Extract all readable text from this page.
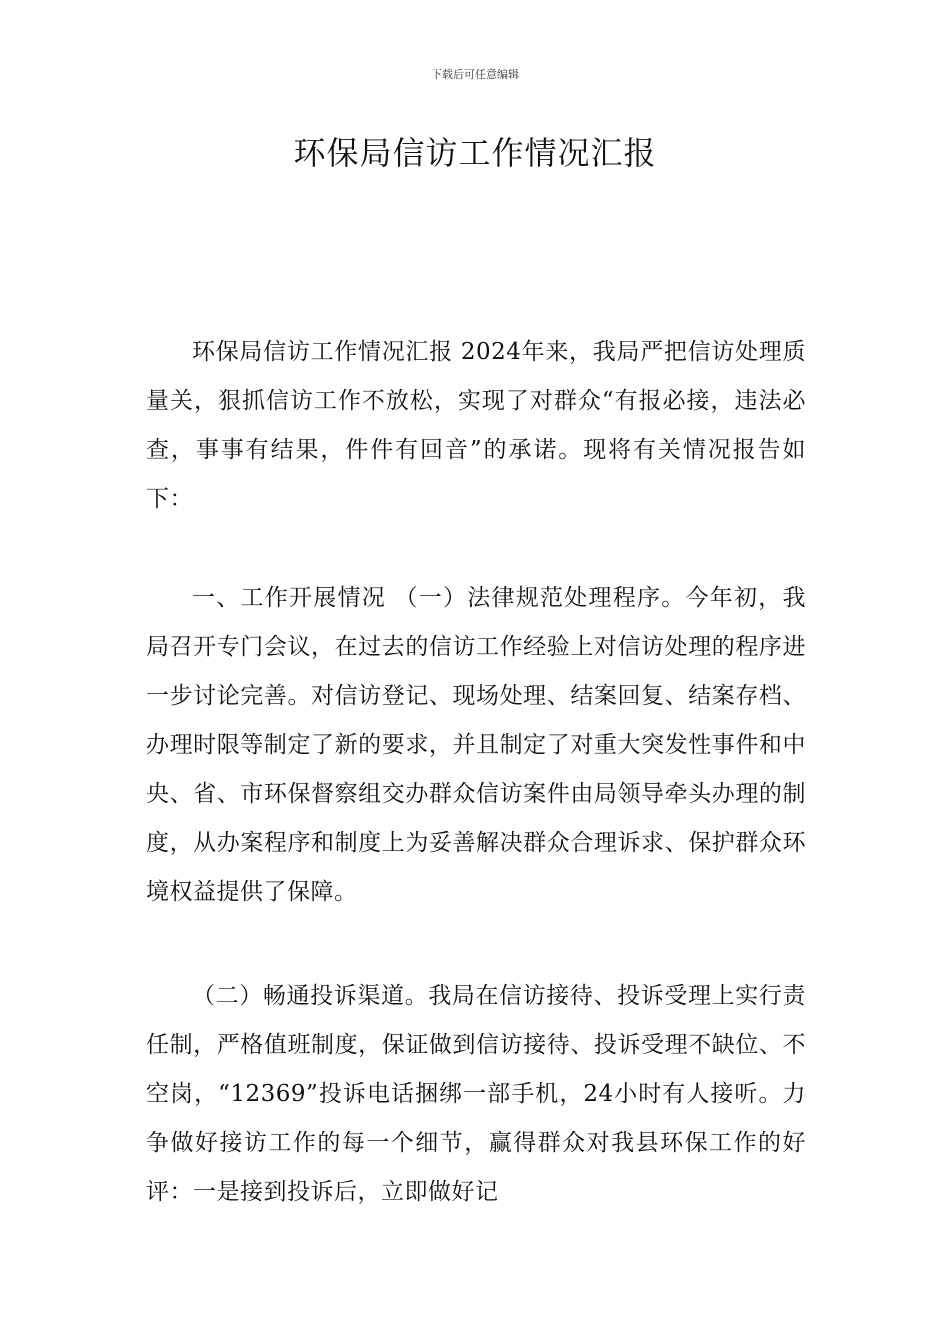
下载后可任意编辑
环保局信访工作情况汇报

环保局信访工作情况汇报 2024年来，我局严把信访处理质量关，狠抓信访工作不放松，实现了对群众“有报必接，违法必查，事事有结果，件件有回音”的承诺。现将有关情况报告如下：

一、工作开展情况 （一）法律规范处理程序。今年初，我局召开专门会议，在过去的信访工作经验上对信访处理的程序进一步讨论完善。对信访登记、现场处理、结案回复、结案存档、办理时限等制定了新的要求，并且制定了对重大突发性事件和中央、省、市环保督察组交办群众信访案件由局领导牵头办理的制度，从办案程序和制度上为妥善解决群众合理诉求、保护群众环境权益提供了保障。

（二）畅通投诉渠道。我局在信访接待、投诉受理上实行责任制，严格值班制度，保证做到信访接待、投诉受理不缺位、不空岗，“12369”投诉电话捆绑一部手机，24小时有人接听。力争做好接访工作的每一个细节，赢得群众对我县环保工作的好评：一是接到投诉后，立即做好记
